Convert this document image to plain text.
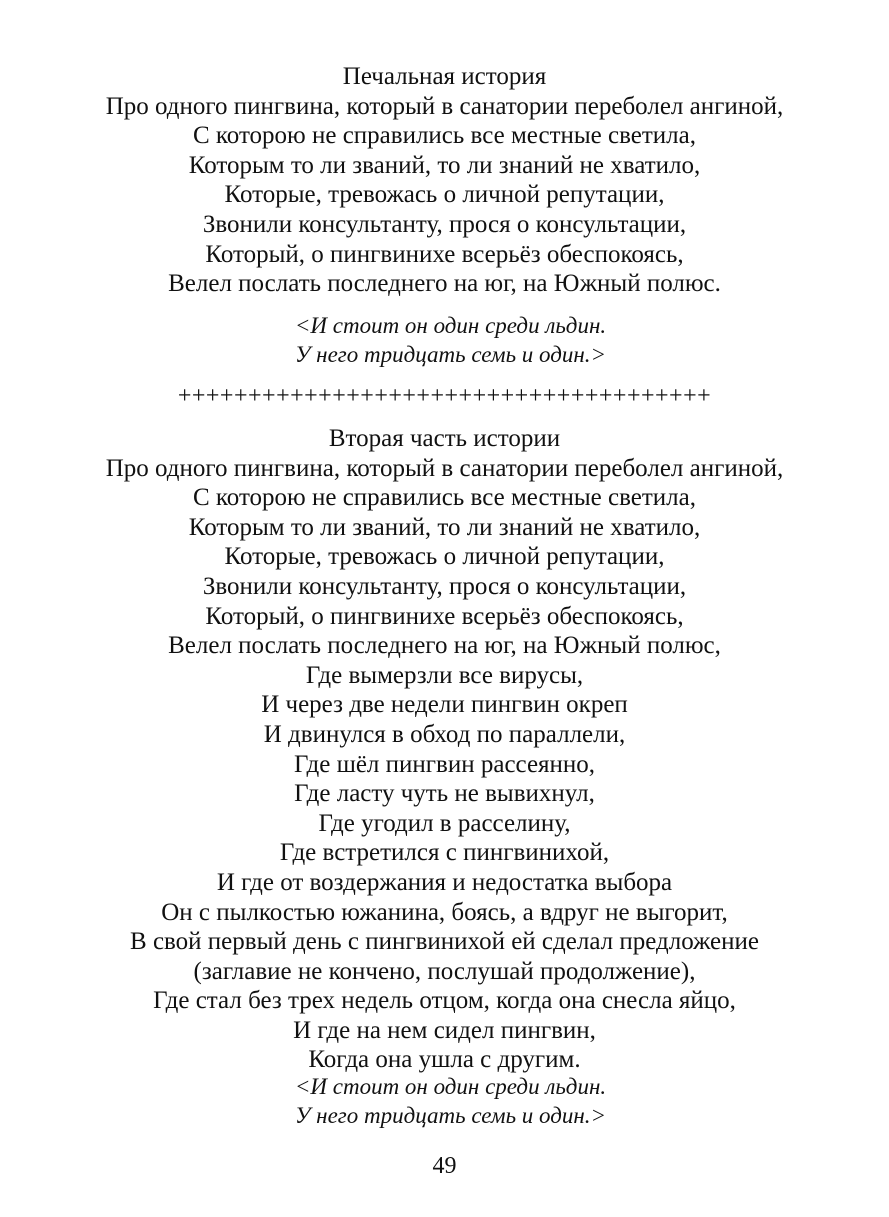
Печальная история
Про одного пингвина, который в санатории переболел ангиной,
С которою не справились все местные светила,
Которым то ли званий, то ли знаний не хватило,
Которые, тревожась о личной репутации,
Звонили консультанту, прося о консультации,
Который, о пингвинихе всерьёз обеспокоясь,
Велел послать последнего на юг, на Южный полюс.
<И стоит он один среди льдин.
У него тридцать семь и один.>
++++++++++++++++++++++++++++++++++++++
Вторая часть истории
Про одного пингвина, который в санатории переболел ангиной,
С которою не справились все местные светила,
Которым то ли званий, то ли знаний не хватило,
Которые, тревожась о личной репутации,
Звонили консультанту, прося о консультации,
Который, о пингвинихе всерьёз обеспокоясь,
Велел послать последнего на юг, на Южный полюс,
Где вымерзли все вирусы,
И через две недели пингвин окреп
И двинулся в обход по параллели,
Где шёл пингвин рассеянно,
Где ласту чуть не вывихнул,
Где угодил в расселину,
Где встретился с пингвинихой,
И где от воздержания и недостатка выбора
Он с пылкостью южанина, боясь, а вдруг не выгорит,
В свой первый день с пингвинихой ей сделал предложение
(заглавие не кончено, послушай продолжение),
Где стал без трех недель отцом, когда она снесла яйцо,
И где на нем сидел пингвин,
Когда она ушла с другим.
<И стоит он один среди льдин.
У него тридцать семь и один.>
49
